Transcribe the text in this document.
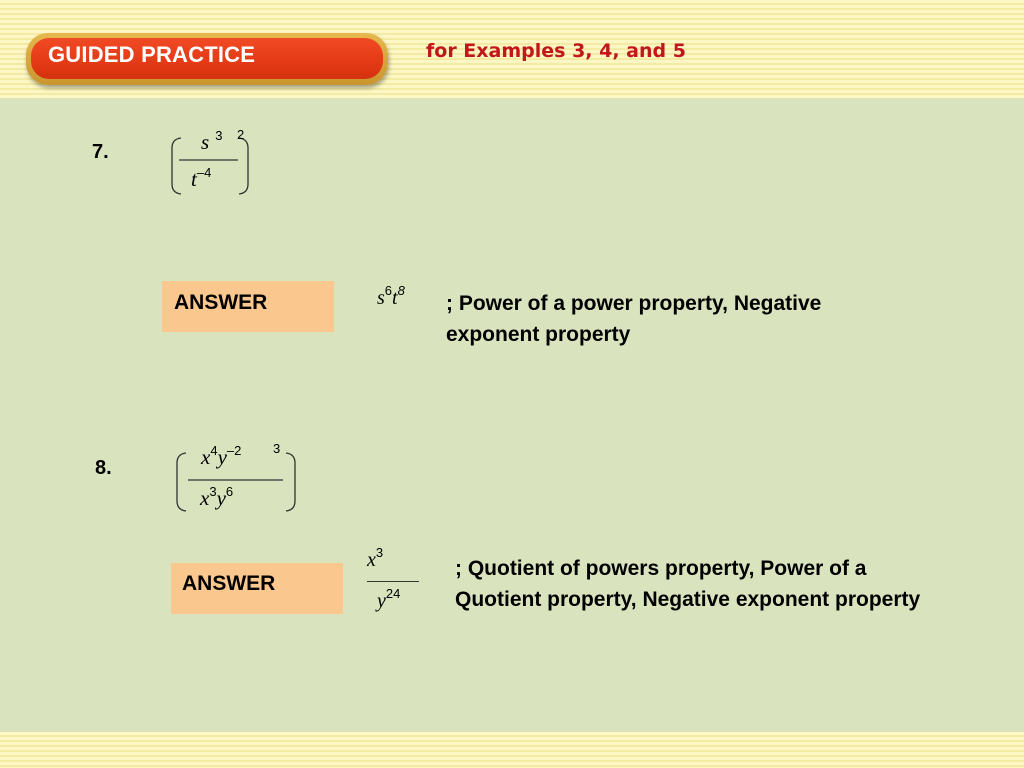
GUIDED PRACTICE	for Examples 3, 4, and 5
7.	s $^3$ 2
$t^{-4}$
ANSWER	$s^6t^8$
; Power of a power property, Negative
exponent property
8.	$x^4y^{-2}$ 3
$x^3y^6$
ANSWER
$x^3$
$y^{24}$
; Quotient of powers property, Power of a
Quotient property, Negative exponent property
